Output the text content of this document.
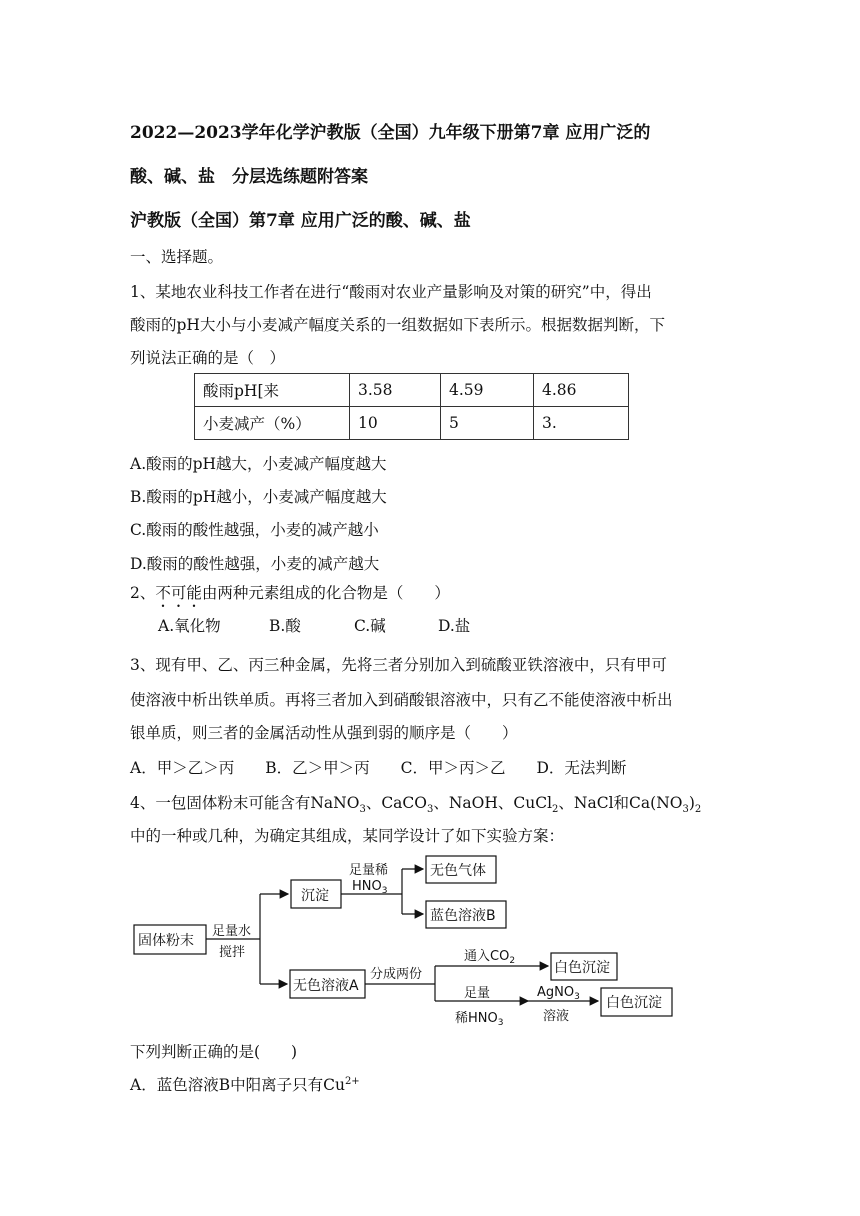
2022—2023学年化学沪教版（全国）九年级下册第7章 应用广泛的
酸、碱、盐　分层选练题附答案
沪教版（全国）第7章 应用广泛的酸、碱、盐
一、选择题。
1、某地农业科技工作者在进行“酸雨对农业产量影响及对策的研究”中，得出
酸雨的pH大小与小麦减产幅度关系的一组数据如下表所示。根据数据判断，下
列说法正确的是（　）
酸雨pH[来	3.58	4.59	4.86
小麦减产（%）	10	5	3.
A.酸雨的pH越大，小麦减产幅度越大
B.酸雨的pH越小，小麦减产幅度越大
C.酸雨的酸性越强，小麦的减产越小
D.酸雨的酸性越强，小麦的减产越大
2、不可能由两种元素组成的化合物是（　　）
A.氧化物	B.酸	C.碱	D.盐
3、现有甲、乙、丙三种金属，先将三者分别加入到硫酸亚铁溶液中，只有甲可
使溶液中析出铁单质。再将三者加入到硝酸银溶液中，只有乙不能使溶液中析出
银单质，则三者的金属活动性从强到弱的顺序是（　　）
A．甲＞乙＞丙　　B．乙＞甲＞丙　　C．甲＞丙＞乙　　D．无法判断
4、一包固体粉末可能含有NaNO$_3$、CaCO$_3$、NaOH、CuCl$_2$、NaCl和$Ca(NO_3)_2$
中的一种或几种，为确定其组成，某同学设计了如下实验方案：
固体粉末
足量水
搅拌
沉淀
足量稀
$HNO_3$
无色气体
蓝色溶液B
无色溶液A
分成两份
通入$CO_2$	白色沉淀
足量
稀$HNO_3$
AgNO$_3$
溶液
白色沉淀
下列判断正确的是(　　)
A．蓝色溶液B中阳离子只有$Cu^{2+}$
